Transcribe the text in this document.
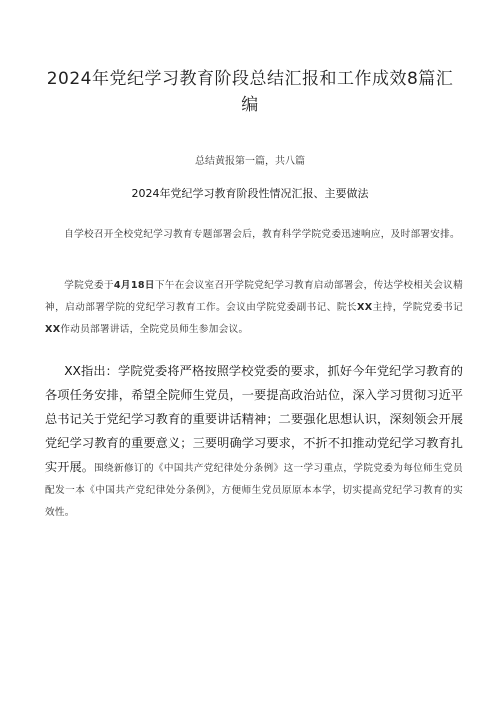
2024年党纪学习教育阶段总结汇报和工作成效8篇汇编
总结黄报第一篇，共八篇
2024年党纪学习教育阶段性情况汇报、主要做法

自学校召开全校党纪学习教育专题部署会后，教育科学学院党委迅速响应，及时部署安排。

学院党委于4月18日下午在会议室召开学院党纪学习教育启动部署会，传达学校相关会议精神，启动部署学院的党纪学习教育工作。会议由学院党委副书记、院长XX主持，学院党委书记XX作动员部署讲话，全院党员师生参加会议。

XX指出：学院党委将严格按照学校党委的要求，抓好今年党纪学习教育的各项任务安排，希望全院师生党员，一要提高政治站位，深入学习贯彻习近平总书记关于党纪学习教育的重要讲话精神；二要强化思想认识，深刻领会开展党纪学习教育的重要意义；三要明确学习要求，不折不扣推动党纪学习教育扎实开展。围绕新修订的《中国共产党纪律处分条例》这一学习重点，学院党委为每位师生党员配发一本《中国共产党纪律处分条例》，方便师生党员原原本本学，切实提高党纪学习教育的实效性。
